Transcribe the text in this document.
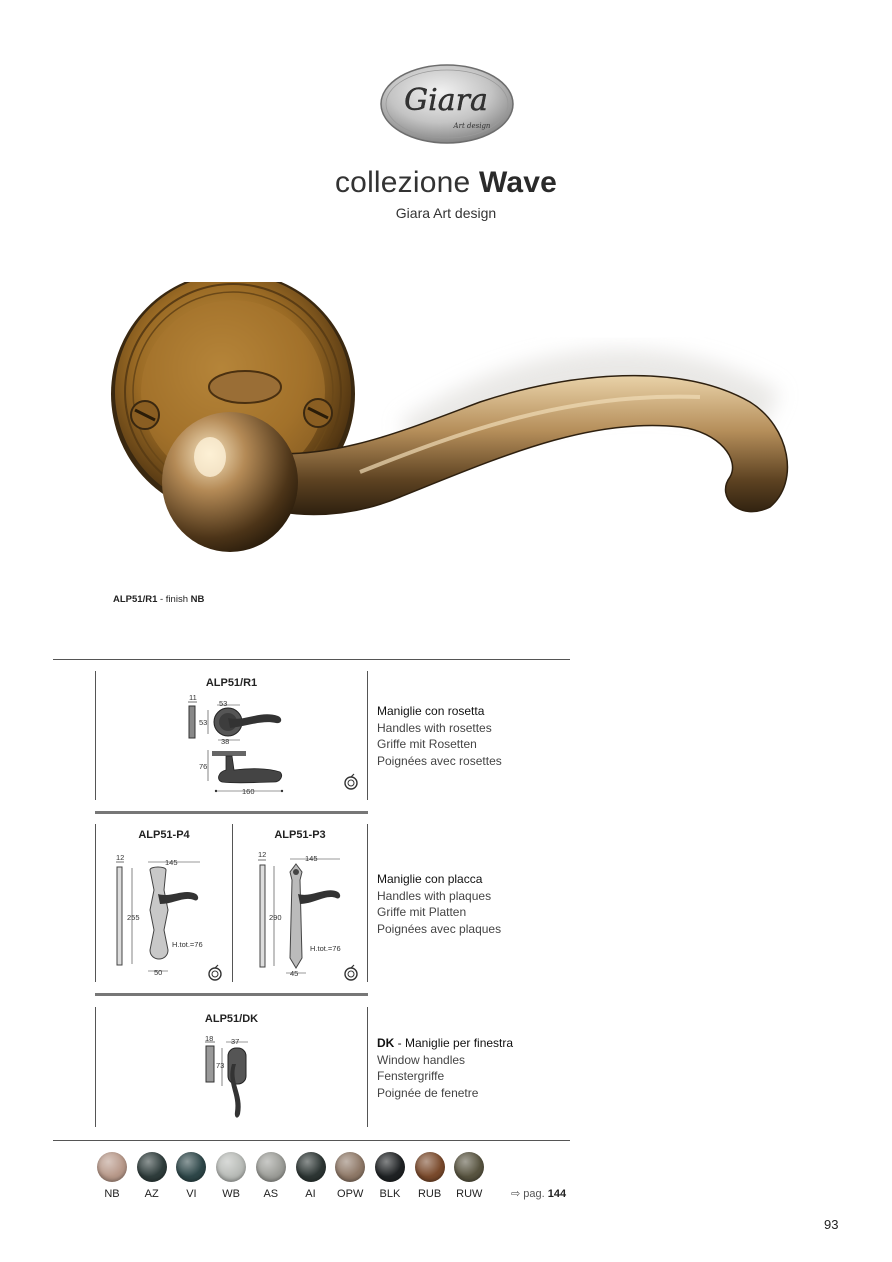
Giara
Art design
collezione Wave
Giara Art design
ALP51/R1 - finish NB
ALP51/R1
11
53
53
38
76
160
Maniglie con rosetta
Handles with rosettes
Griffe mit Rosetten
Poignées avec rosettes
ALP51-P4	ALP51-P3
12
145
255
H.tot.=76
50
12	145
290
H.tot.=76
45
Maniglie con placca
Handles with plaques
Griffe mit Platten
Poignées avec plaques
ALP51/DK
18 37
73
DK - Maniglie per finestra
Window handles
Fenstergriffe
Poignée de fenetre
NB	AZ	VI	WB	AS	AI	OPW	BLK	RUB	RUW	⇨ pag. 144
93
